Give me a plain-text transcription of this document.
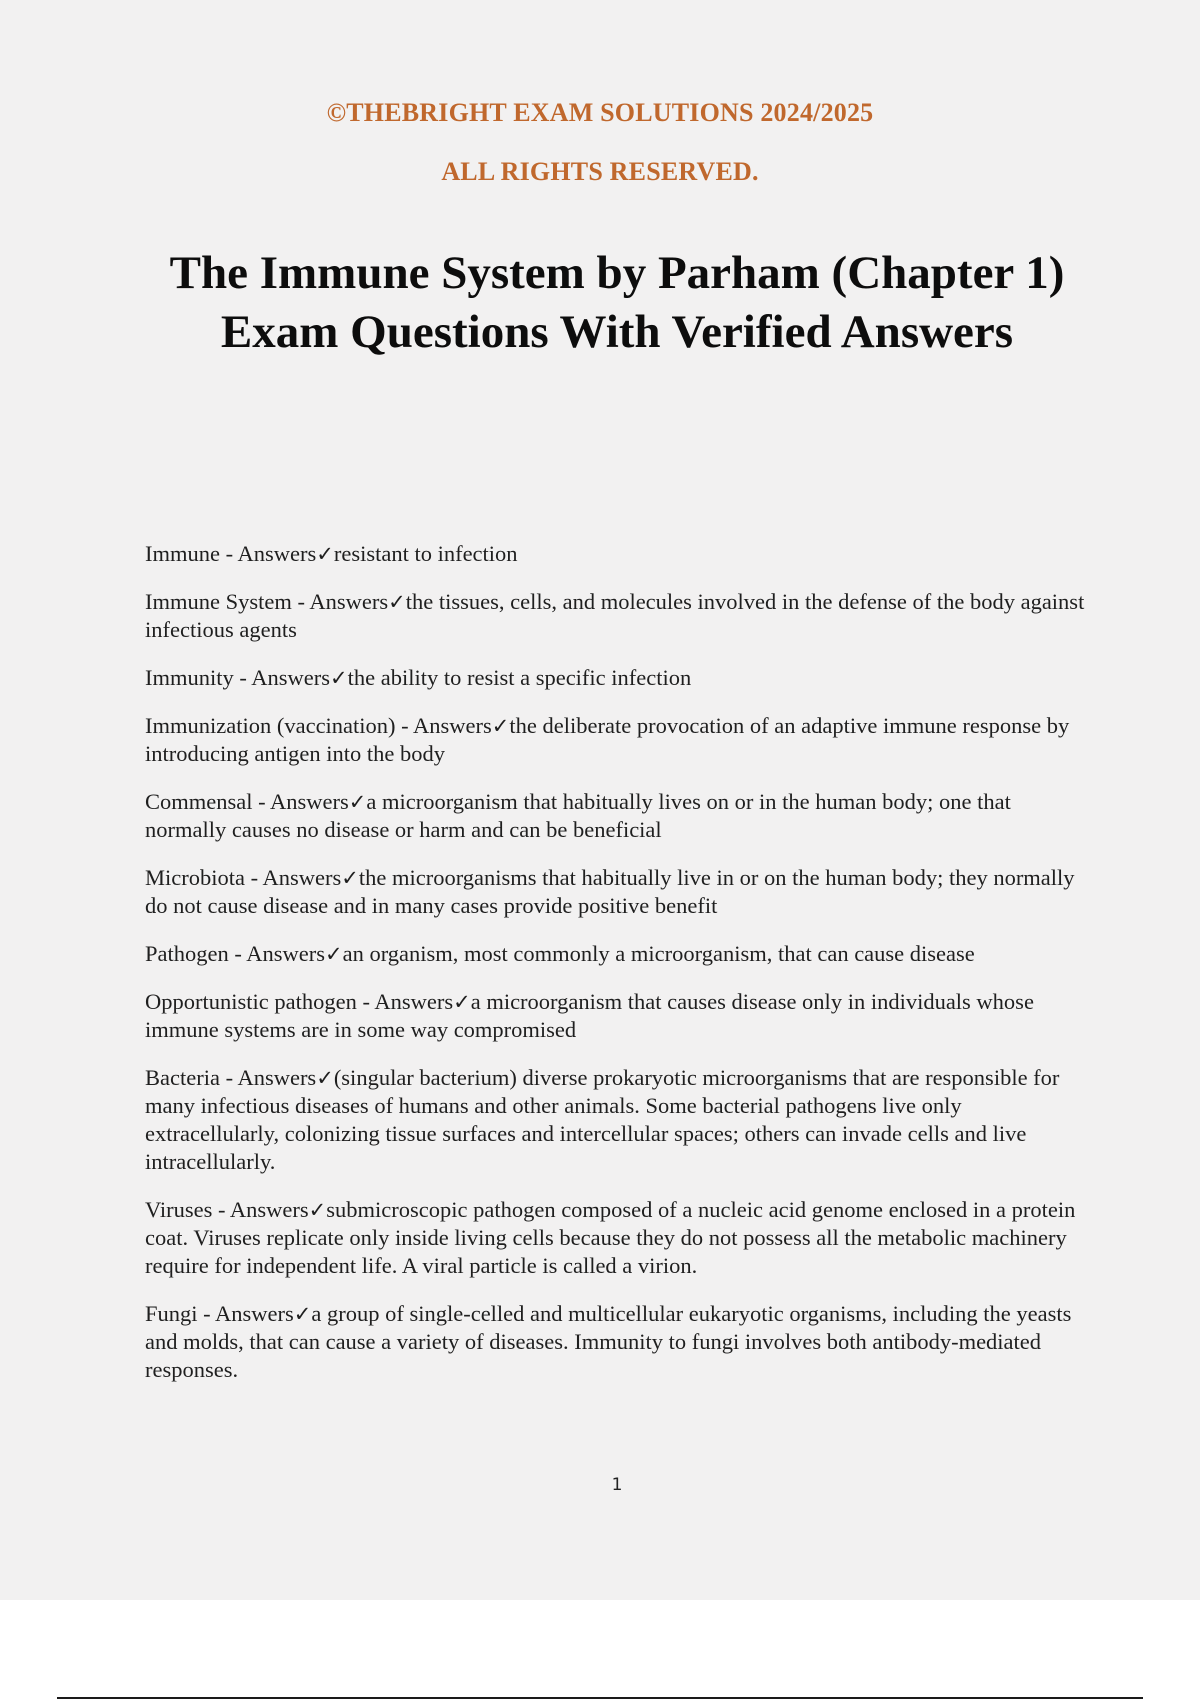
©THEBRIGHT EXAM SOLUTIONS 2024/2025
ALL RIGHTS RESERVED.
The Immune System by Parham (Chapter 1)
Exam Questions With Verified Answers
Immune - Answers✓resistant to infection
Immune System - Answers✓the tissues, cells, and molecules involved in the defense of the body against infectious agents
Immunity - Answers✓the ability to resist a specific infection
Immunization (vaccination) - Answers✓the deliberate provocation of an adaptive immune response by introducing antigen into the body
Commensal - Answers✓a microorganism that habitually lives on or in the human body; one that normally causes no disease or harm and can be beneficial
Microbiota - Answers✓the microorganisms that habitually live in or on the human body; they normally do not cause disease and in many cases provide positive benefit
Pathogen - Answers✓an organism, most commonly a microorganism, that can cause disease
Opportunistic pathogen - Answers✓a microorganism that causes disease only in individuals whose immune systems are in some way compromised
Bacteria - Answers✓(singular bacterium) diverse prokaryotic microorganisms that are responsible for many infectious diseases of humans and other animals. Some bacterial pathogens live only extracellularly, colonizing tissue surfaces and intercellular spaces; others can invade cells and live intracellularly.
Viruses - Answers✓submicroscopic pathogen composed of a nucleic acid genome enclosed in a protein coat. Viruses replicate only inside living cells because they do not possess all the metabolic machinery require for independent life. A viral particle is called a virion.
Fungi - Answers✓a group of single-celled and multicellular eukaryotic organisms, including the yeasts and molds, that can cause a variety of diseases. Immunity to fungi involves both antibody-mediated responses.
1
